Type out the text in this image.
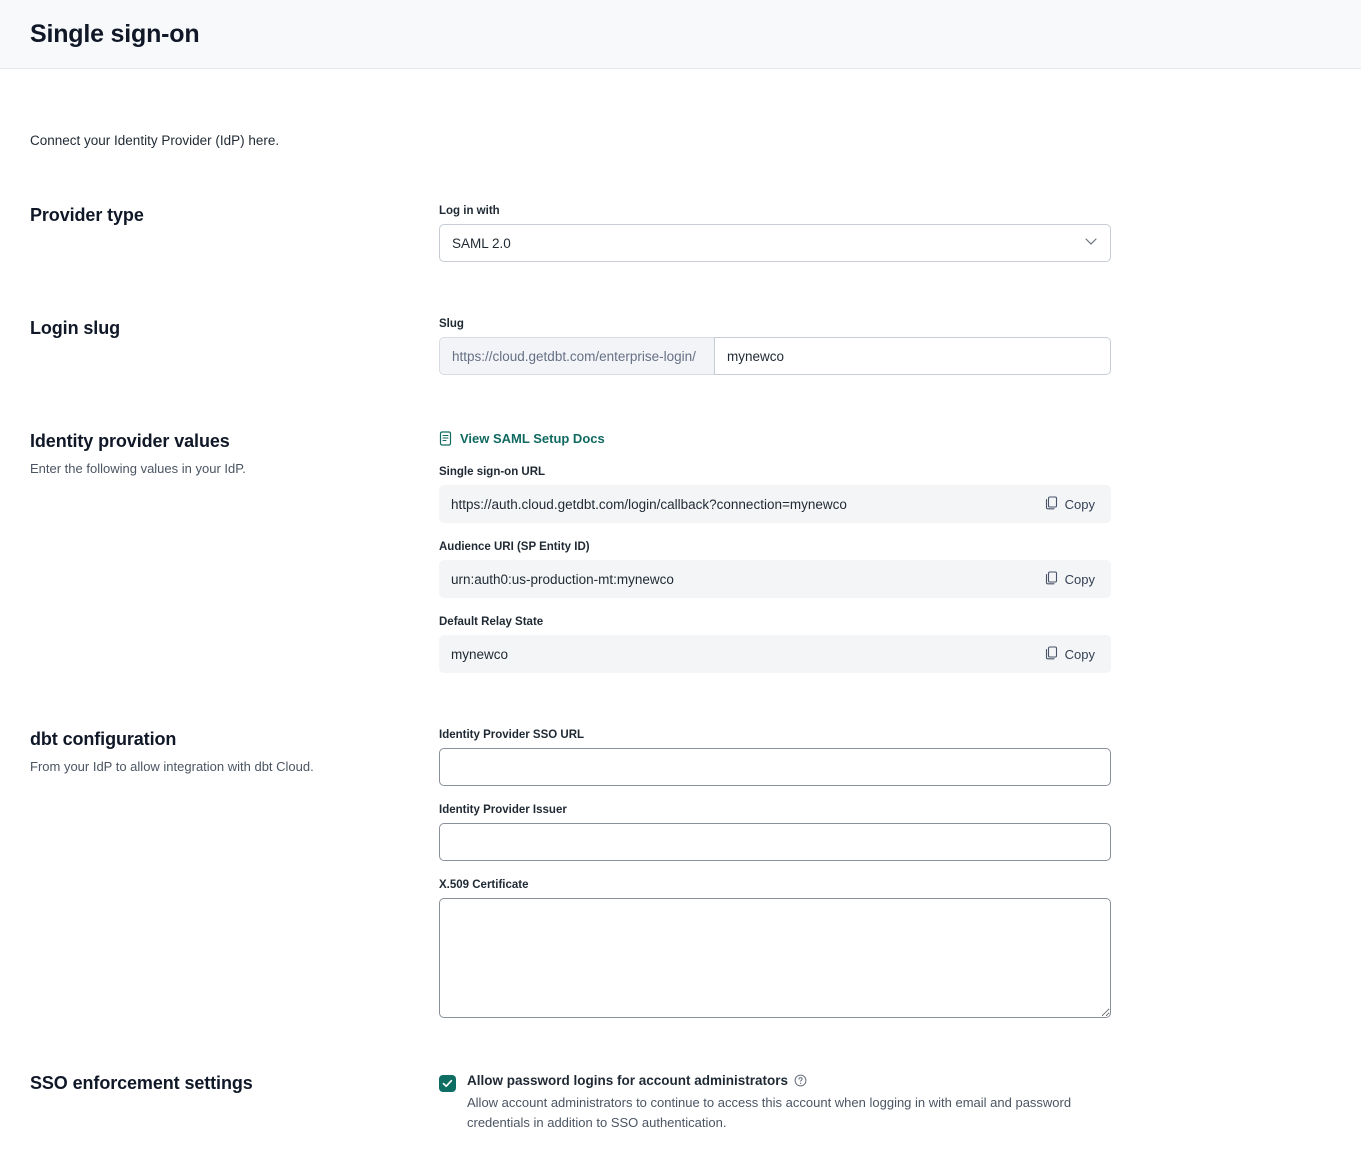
Single sign-on
Connect your Identity Provider (IdP) here.
Provider type	Log in with
SAML 2.0
Login slug	Slug
https://cloud.getdbt.com/enterprise-login/
mynewco
Identity provider values
Enter the following values in your IdP.
View SAML Setup Docs
Single sign-on URL
https://auth.cloud.getdbt.com/login/callback?connection=mynewco	Copy
Audience URI (SP Entity ID)
urn:auth0:us-production-mt:mynewco	Copy
Default Relay State
mynewco	Copy
dbt configuration
From your IdP to allow integration with dbt Cloud.
Identity Provider SSO URL
Identity Provider Issuer
X.509 Certificate
SSO enforcement settings	Allow password logins for account administrators
Allow account administrators to continue to access this account when logging in with email and password credentials in addition to SSO authentication.
